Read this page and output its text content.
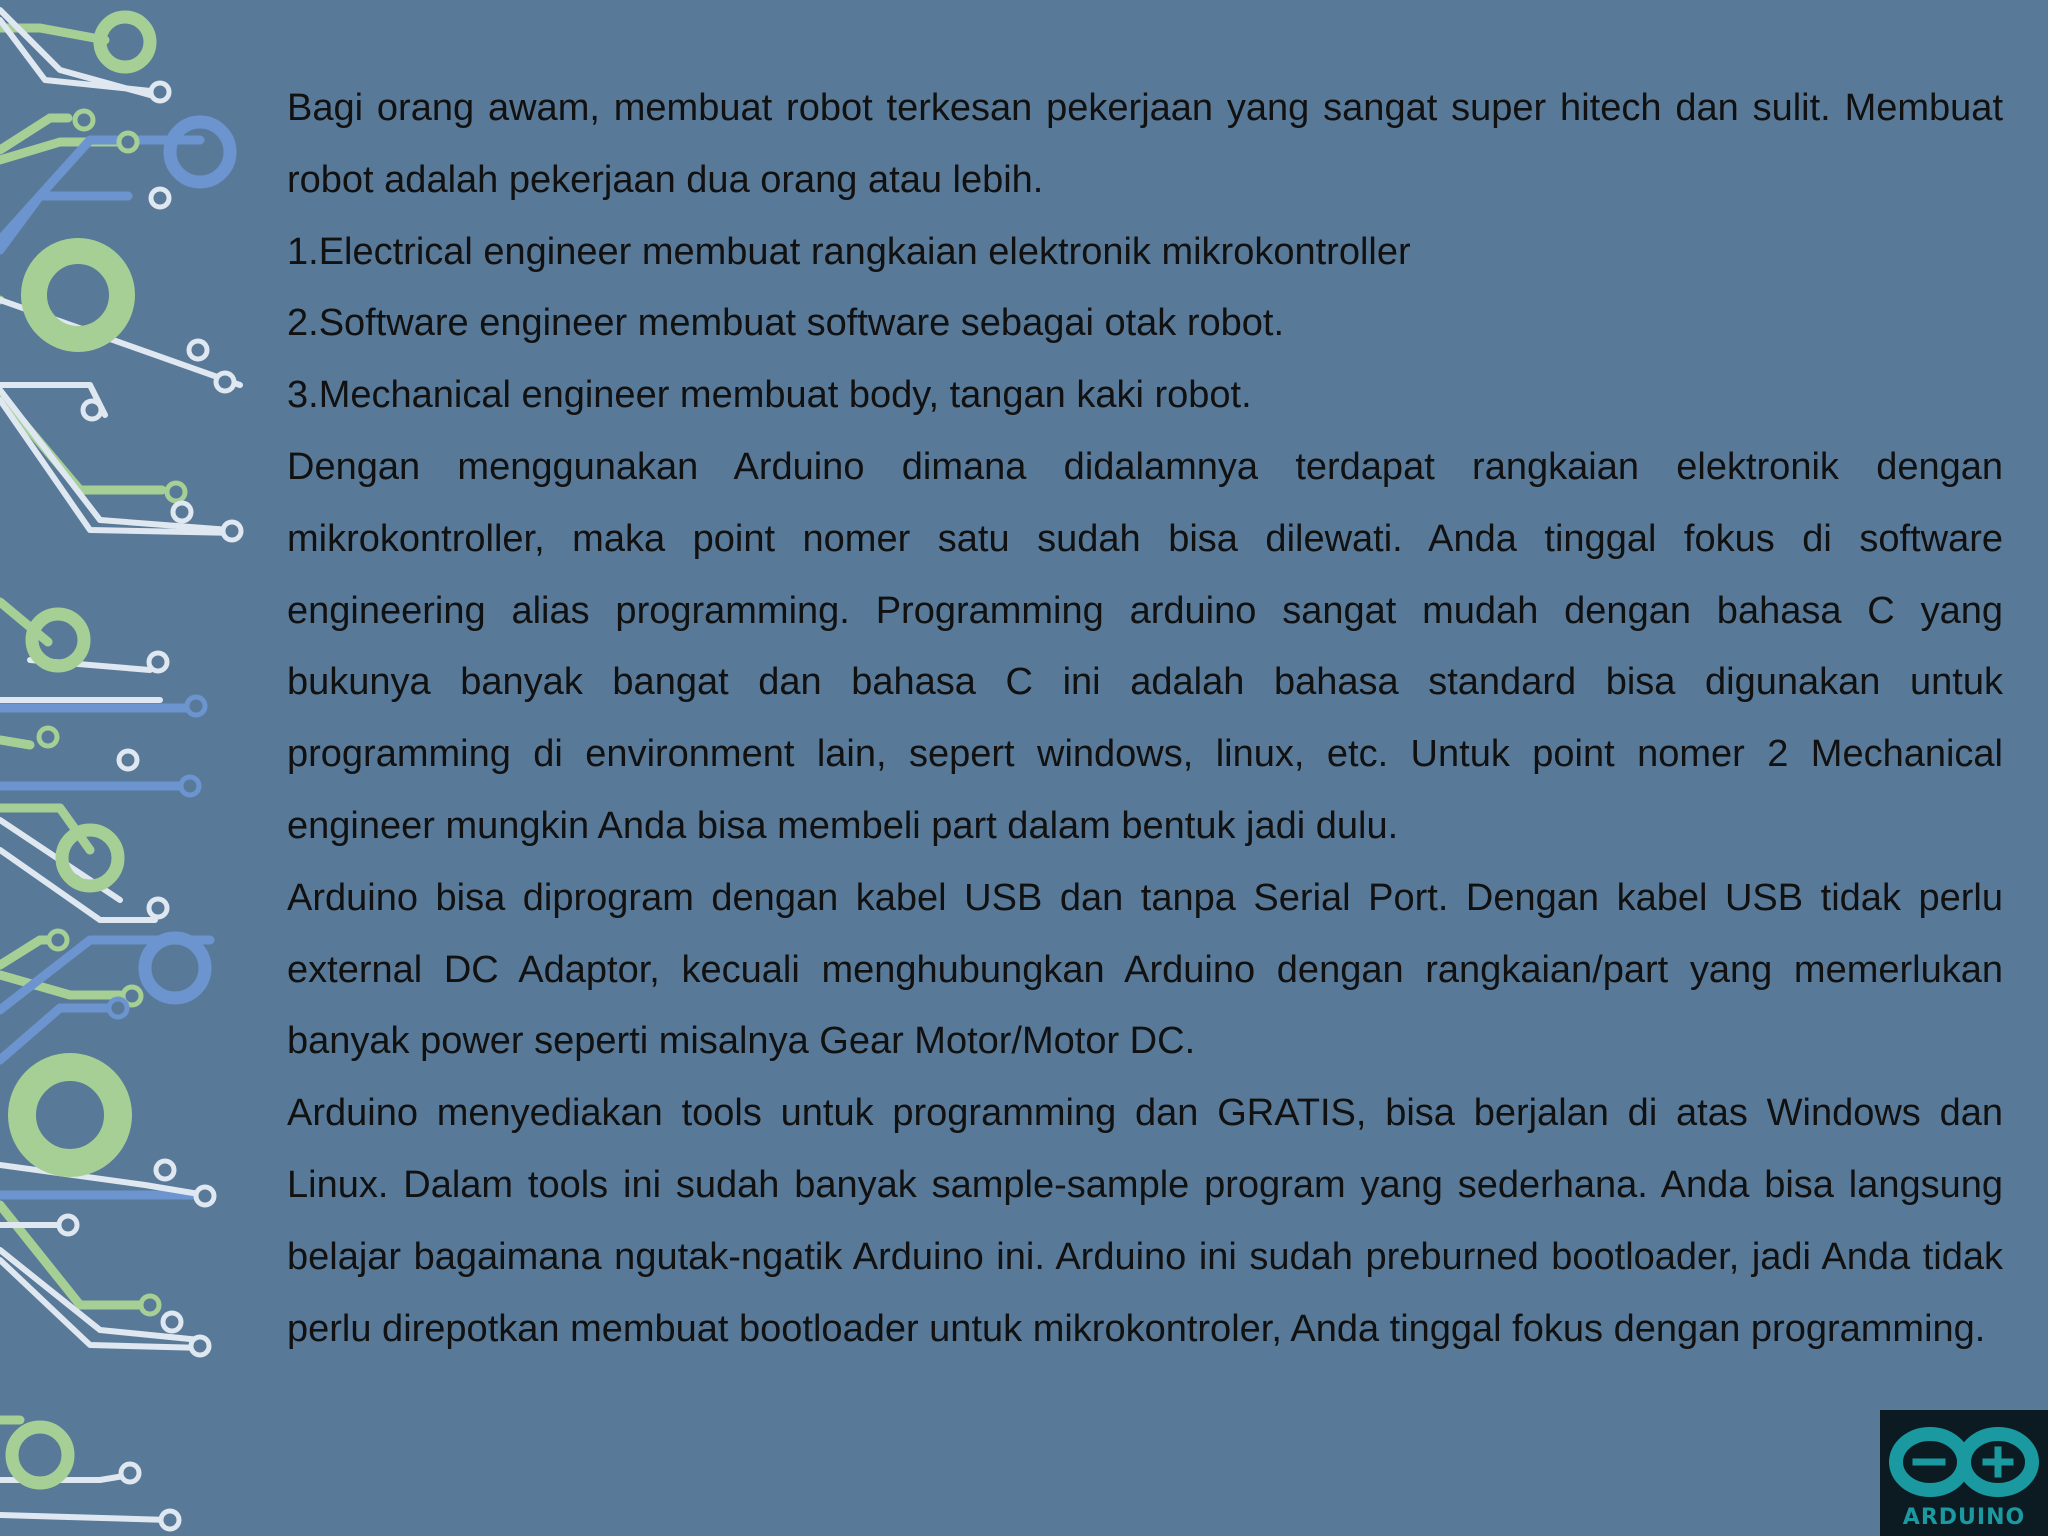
Bagi orang awam, membuat robot terkesan pekerjaan yang sangat super hitech dan sulit. Membuat robot adalah pekerjaan dua orang atau lebih.

1.Electrical engineer membuat rangkaian elektronik mikrokontroller

2.Software engineer membuat software sebagai otak robot.

3.Mechanical engineer membuat body, tangan kaki robot.

Dengan menggunakan Arduino dimana didalamnya terdapat rangkaian elektronik dengan mikrokontroller, maka point nomer satu sudah bisa dilewati. Anda tinggal fokus di software engineering alias programming. Programming arduino sangat mudah dengan bahasa C yang bukunya banyak bangat dan bahasa C ini adalah bahasa standard bisa digunakan untuk programming di environment lain, sepert windows, linux, etc. Untuk point nomer 2 Mechanical engineer mungkin Anda bisa membeli part dalam bentuk jadi dulu.

Arduino bisa diprogram dengan kabel USB dan tanpa Serial Port. Dengan kabel USB tidak perlu external DC Adaptor, kecuali menghubungkan Arduino dengan rangkaian/part yang memerlukan banyak power seperti misalnya Gear Motor/Motor DC.

Arduino menyediakan tools untuk programming dan GRATIS, bisa berjalan di atas Windows dan Linux. Dalam tools ini sudah banyak sample-sample program yang sederhana. Anda bisa langsung belajar bagaimana ngutak-ngatik Arduino ini. Arduino ini sudah preburned bootloader, jadi Anda tidak perlu direpotkan membuat bootloader untuk mikrokontroler, Anda tinggal fokus dengan programming.

ARDUINO
